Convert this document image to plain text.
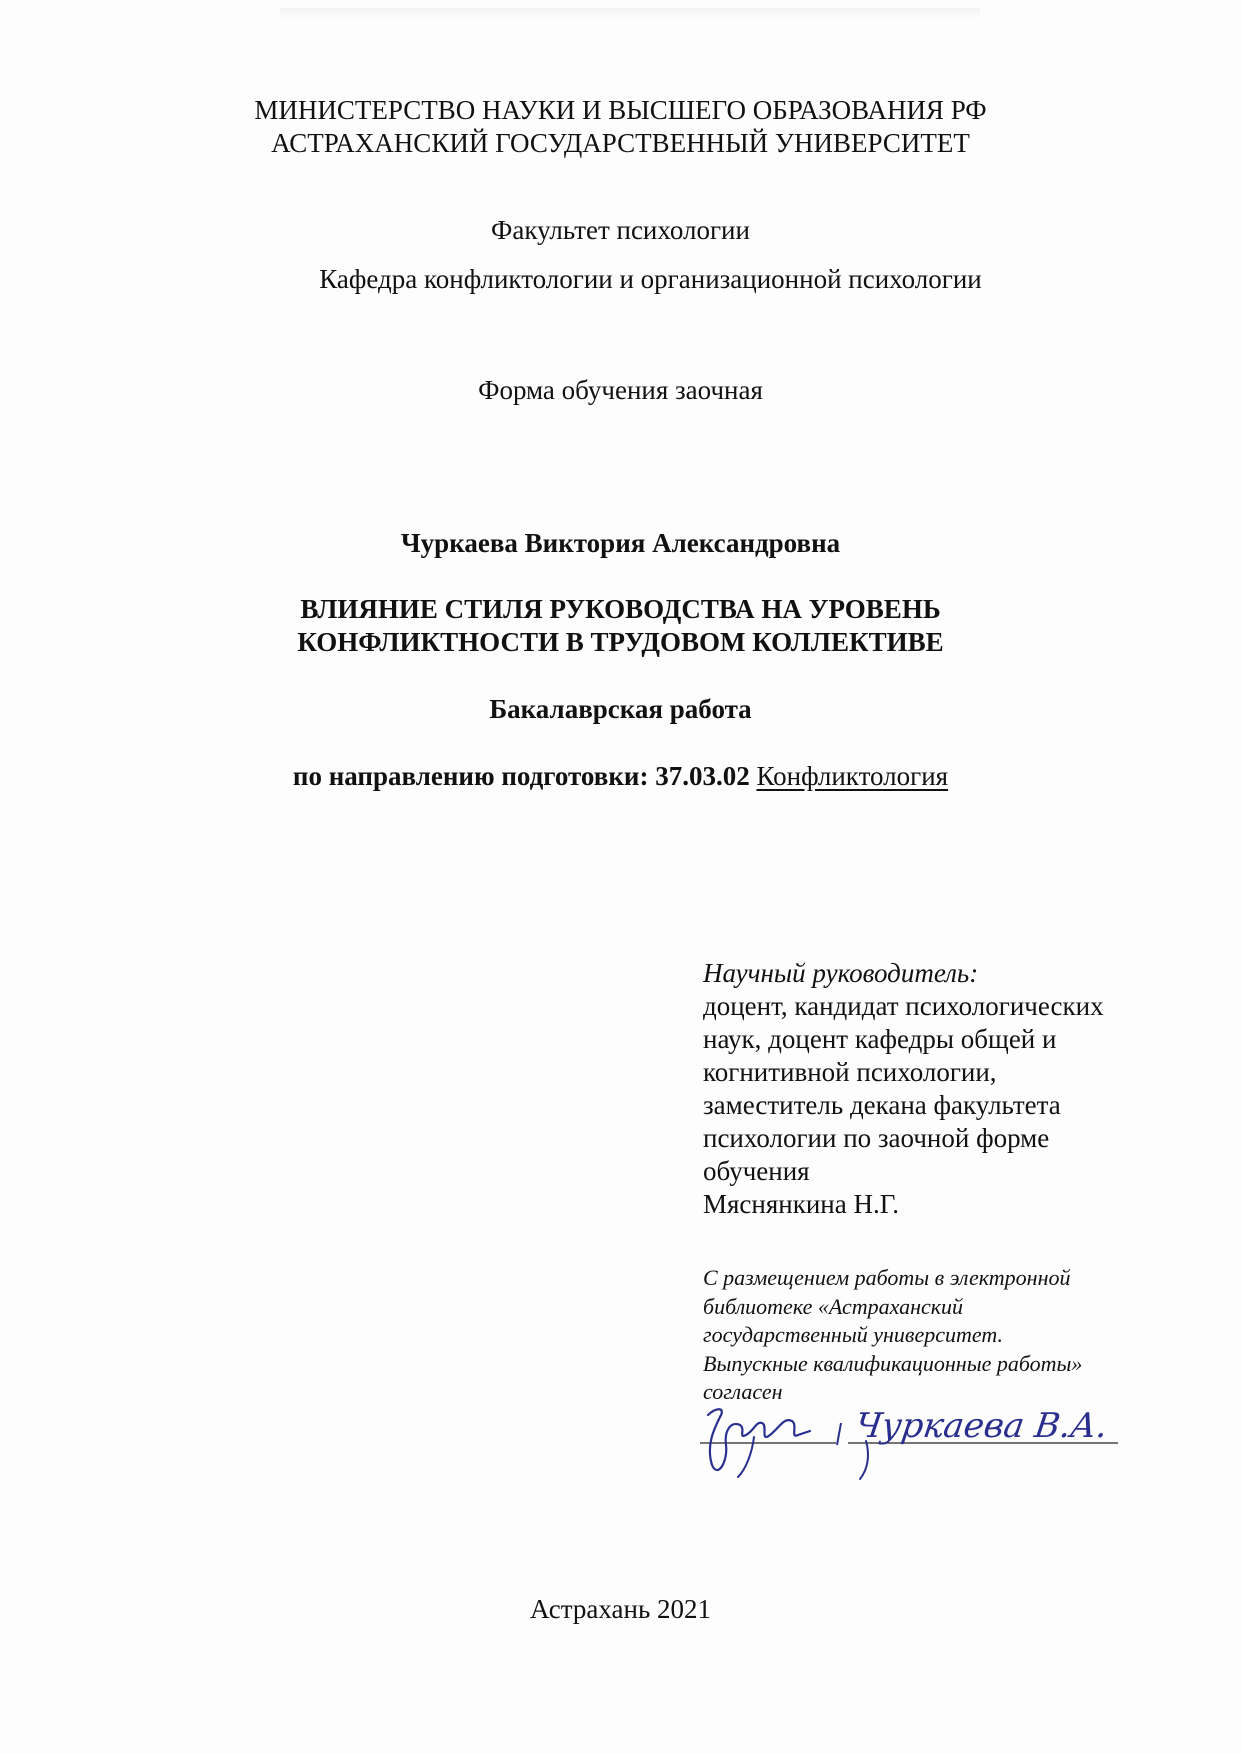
МИНИСТЕРСТВО НАУКИ И ВЫСШЕГО ОБРАЗОВАНИЯ РФ
АСТРАХАНСКИЙ ГОСУДАРСТВЕННЫЙ УНИВЕРСИТЕТ
Факультет психологии
Кафедра конфликтологии и организационной психологии
Форма обучения заочная
Чуркаева Виктория Александровна
ВЛИЯНИЕ СТИЛЯ РУКОВОДСТВА НА УРОВЕНЬ
КОНФЛИКТНОСТИ В ТРУДОВОМ КОЛЛЕКТИВЕ
Бакалаврская работа
по направлению подготовки: 37.03.02 Конфликтология
Научный руководитель:
доцент, кандидат психологических
наук, доцент кафедры общей и
когнитивной психологии,
заместитель декана факультета
психологии по заочной форме
обучения
Мяснянкина Н.Г.
С размещением работы в электронной
библиотеке «Астраханский
государственный университет.
Выпускные квалификационные работы»
согласен
Чуркаева В.А.
Астрахань 2021
